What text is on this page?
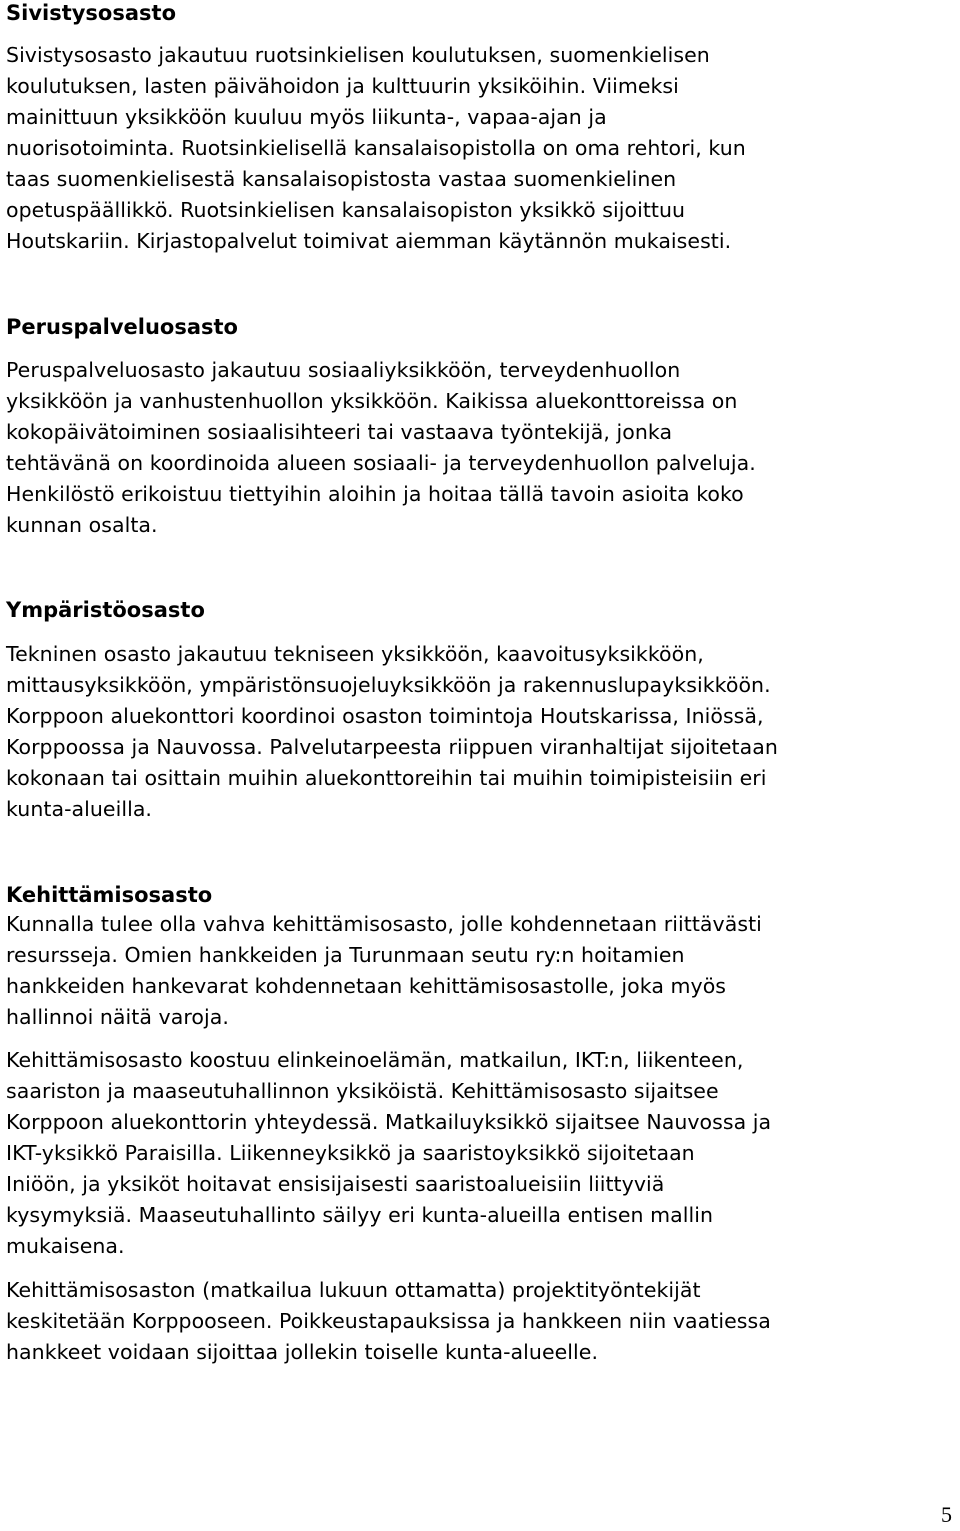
Sivistysosasto
Sivistysosasto jakautuu ruotsinkielisen koulutuksen, suomenkielisen
koulutuksen, lasten päivähoidon ja kulttuurin yksiköihin. Viimeksi
mainittuun yksikköön kuuluu myös liikunta-, vapaa-ajan ja
nuorisotoiminta. Ruotsinkielisellä kansalaisopistolla on oma rehtori, kun
taas suomenkielisestä kansalaisopistosta vastaa suomenkielinen
opetuspäällikkö. Ruotsinkielisen kansalaisopiston yksikkö sijoittuu
Houtskariin. Kirjastopalvelut toimivat aiemman käytännön mukaisesti.
Peruspalveluosasto
Peruspalveluosasto jakautuu sosiaaliyksikköön, terveydenhuollon
yksikköön ja vanhustenhuollon yksikköön. Kaikissa aluekonttoreissa on
kokopäivätoiminen sosiaalisihteeri tai vastaava työntekijä, jonka
tehtävänä on koordinoida alueen sosiaali- ja terveydenhuollon palveluja.
Henkilöstö erikoistuu tiettyihin aloihin ja hoitaa tällä tavoin asioita koko
kunnan osalta.
Ympäristöosasto
Tekninen osasto jakautuu tekniseen yksikköön, kaavoitusyksikköön,
mittausyksikköön, ympäristönsuojeluyksikköön ja rakennuslupayksikköön.
Korppoon aluekonttori koordinoi osaston toimintoja Houtskarissa, Iniössä,
Korppoossa ja Nauvossa. Palvelutarpeesta riippuen viranhaltijat sijoitetaan
kokonaan tai osittain muihin aluekonttoreihin tai muihin toimipisteisiin eri
kunta-alueilla.
Kehittämisosasto
Kunnalla tulee olla vahva kehittämisosasto, jolle kohdennetaan riittävästi
resursseja. Omien hankkeiden ja Turunmaan seutu ry:n hoitamien
hankkeiden hankevarat kohdennetaan kehittämisosastolle, joka myös
hallinnoi näitä varoja.
Kehittämisosasto koostuu elinkeinoelämän, matkailun, IKT:n, liikenteen,
saariston ja maaseutuhallinnon yksiköistä. Kehittämisosasto sijaitsee
Korppoon aluekonttorin yhteydessä. Matkailuyksikkö sijaitsee Nauvossa ja
IKT-yksikkö Paraisilla. Liikenneyksikkö ja saaristoyksikkö sijoitetaan
Iniöön, ja yksiköt hoitavat ensisijaisesti saaristoalueisiin liittyviä
kysymyksiä. Maaseutuhallinto säilyy eri kunta-alueilla entisen mallin
mukaisena.
Kehittämisosaston (matkailua lukuun ottamatta) projektityöntekijät
keskitetään Korppooseen. Poikkeustapauksissa ja hankkeen niin vaatiessa
hankkeet voidaan sijoittaa jollekin toiselle kunta-alueelle.
5
